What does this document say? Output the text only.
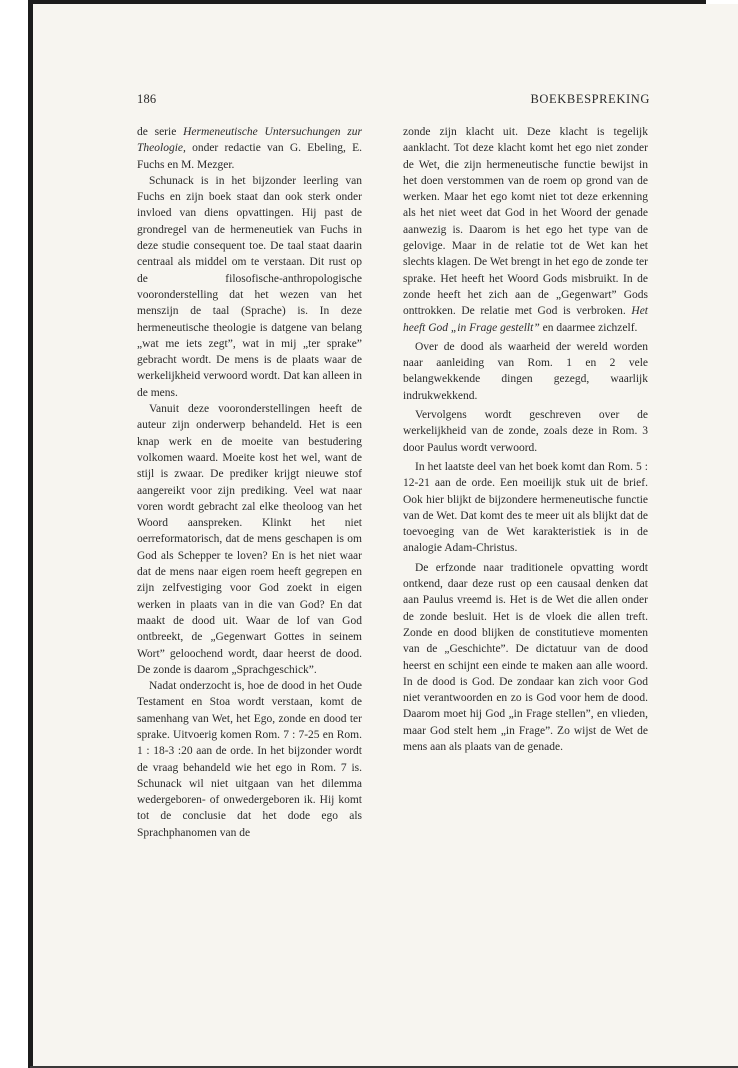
186	BOEKBESPREKING

de serie Hermeneutische Untersuchungen zur Theologie, onder redactie van G. Ebeling, E. Fuchs en M. Mezger.

Schunack is in het bijzonder leerling van Fuchs en zijn boek staat dan ook sterk onder invloed van diens opvattingen. Hij past de grondregel van de hermeneutiek van Fuchs in deze studie consequent toe. De taal staat daarin centraal als middel om te verstaan. Dit rust op de filosofische-anthropologische vooronderstelling dat het wezen van het menszijn de taal (Sprache) is. In deze hermeneutische theologie is datgene van belang „wat me iets zegt”, wat in mij „ter sprake” gebracht wordt. De mens is de plaats waar de werkelijkheid verwoord wordt. Dat kan alleen in de mens.

Vanuit deze vooronderstellingen heeft de auteur zijn onderwerp behandeld. Het is een knap werk en de moeite van bestudering volkomen waard. Moeite kost het wel, want de stijl is zwaar. De prediker krijgt nieuwe stof aangereikt voor zijn prediking. Veel wat naar voren wordt gebracht zal elke theoloog van het Woord aanspreken. Klinkt het niet oerreformatorisch, dat de mens geschapen is om God als Schepper te loven? En is het niet waar dat de mens naar eigen roem heeft gegrepen en zijn zelfvestiging voor God zoekt in eigen werken in plaats van in die van God? En dat maakt de dood uit. Waar de lof van God ontbreekt, de „Gegenwart Gottes in seinem Wort” geloochend wordt, daar heerst de dood. De zonde is daarom „Sprachgeschick”.

Nadat onderzocht is, hoe de dood in het Oude Testament en Stoa wordt verstaan, komt de samenhang van Wet, het Ego, zonde en dood ter sprake. Uitvoerig komen Rom. 7 : 7-25 en Rom. 1 : 18-3 :20 aan de orde. In het bijzonder wordt de vraag behandeld wie het ego in Rom. 7 is. Schunack wil niet uitgaan van het dilemma wedergeboren- of onwedergeboren ik. Hij komt tot de conclusie dat het dode ego als Sprachphanomen van de

zonde zijn klacht uit. Deze klacht is tegelijk aanklacht. Tot deze klacht komt het ego niet zonder de Wet, die zijn hermeneutische functie bewijst in het doen verstommen van de roem op grond van de werken. Maar het ego komt niet tot deze erkenning als het niet weet dat God in het Woord der genade aanwezig is. Daarom is het ego het type van de gelovige. Maar in de relatie tot de Wet kan het slechts klagen. De Wet brengt in het ego de zonde ter sprake. Het heeft het Woord Gods misbruikt. In de zonde heeft het zich aan de „Gegenwart” Gods onttrokken. De relatie met God is verbroken. Het heeft God „in Frage gestellt” en daarmee zichzelf.

Over de dood als waarheid der wereld worden naar aanleiding van Rom. 1 en 2 vele belangwekkende dingen gezegd, waarlijk indrukwekkend.

Vervolgens wordt geschreven over de werkelijkheid van de zonde, zoals deze in Rom. 3 door Paulus wordt verwoord.

In het laatste deel van het boek komt dan Rom. 5 : 12-21 aan de orde. Een moeilijk stuk uit de brief. Ook hier blijkt de bijzondere hermeneutische functie van de Wet. Dat komt des te meer uit als blijkt dat de toevoeging van de Wet karakteristiek is in de analogie Adam-Christus.

De erfzonde naar traditionele opvatting wordt ontkend, daar deze rust op een causaal denken dat aan Paulus vreemd is. Het is de Wet die allen onder de zonde besluit. Het is de vloek die allen treft. Zonde en dood blijken de constitutieve momenten van de „Geschichte”. De dictatuur van de dood heerst en schijnt een einde te maken aan alle woord. In de dood is God. De zondaar kan zich voor God niet verantwoorden en zo is God voor hem de dood. Daarom moet hij God „in Frage stellen”, en vlieden, maar God stelt hem „in Frage”. Zo wijst de Wet de mens aan als plaats van de genade.
